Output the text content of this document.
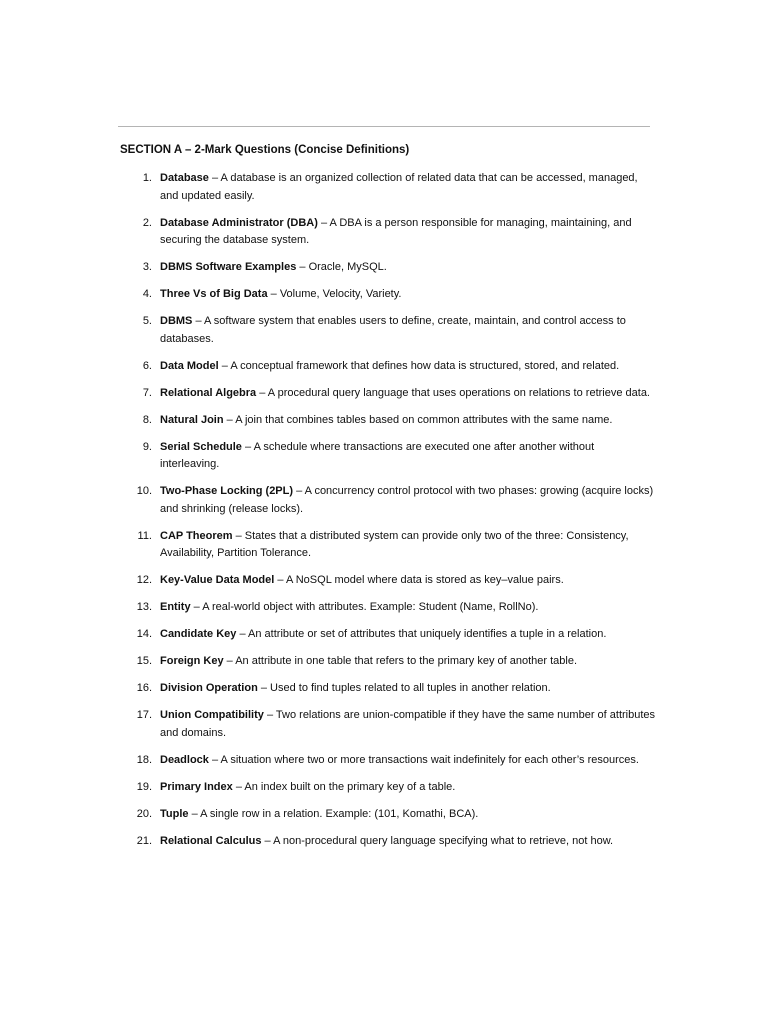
SECTION A – 2-Mark Questions (Concise Definitions)
1. Database – A database is an organized collection of related data that can be accessed, managed, and updated easily.
2. Database Administrator (DBA) – A DBA is a person responsible for managing, maintaining, and securing the database system.
3. DBMS Software Examples – Oracle, MySQL.
4. Three Vs of Big Data – Volume, Velocity, Variety.
5. DBMS – A software system that enables users to define, create, maintain, and control access to databases.
6. Data Model – A conceptual framework that defines how data is structured, stored, and related.
7. Relational Algebra – A procedural query language that uses operations on relations to retrieve data.
8. Natural Join – A join that combines tables based on common attributes with the same name.
9. Serial Schedule – A schedule where transactions are executed one after another without interleaving.
10. Two-Phase Locking (2PL) – A concurrency control protocol with two phases: growing (acquire locks) and shrinking (release locks).
11. CAP Theorem – States that a distributed system can provide only two of the three: Consistency, Availability, Partition Tolerance.
12. Key-Value Data Model – A NoSQL model where data is stored as key–value pairs.
13. Entity – A real-world object with attributes. Example: Student (Name, RollNo).
14. Candidate Key – An attribute or set of attributes that uniquely identifies a tuple in a relation.
15. Foreign Key – An attribute in one table that refers to the primary key of another table.
16. Division Operation – Used to find tuples related to all tuples in another relation.
17. Union Compatibility – Two relations are union-compatible if they have the same number of attributes and domains.
18. Deadlock – A situation where two or more transactions wait indefinitely for each other’s resources.
19. Primary Index – An index built on the primary key of a table.
20. Tuple – A single row in a relation. Example: (101, Komathi, BCA).
21. Relational Calculus – A non-procedural query language specifying what to retrieve, not how.
